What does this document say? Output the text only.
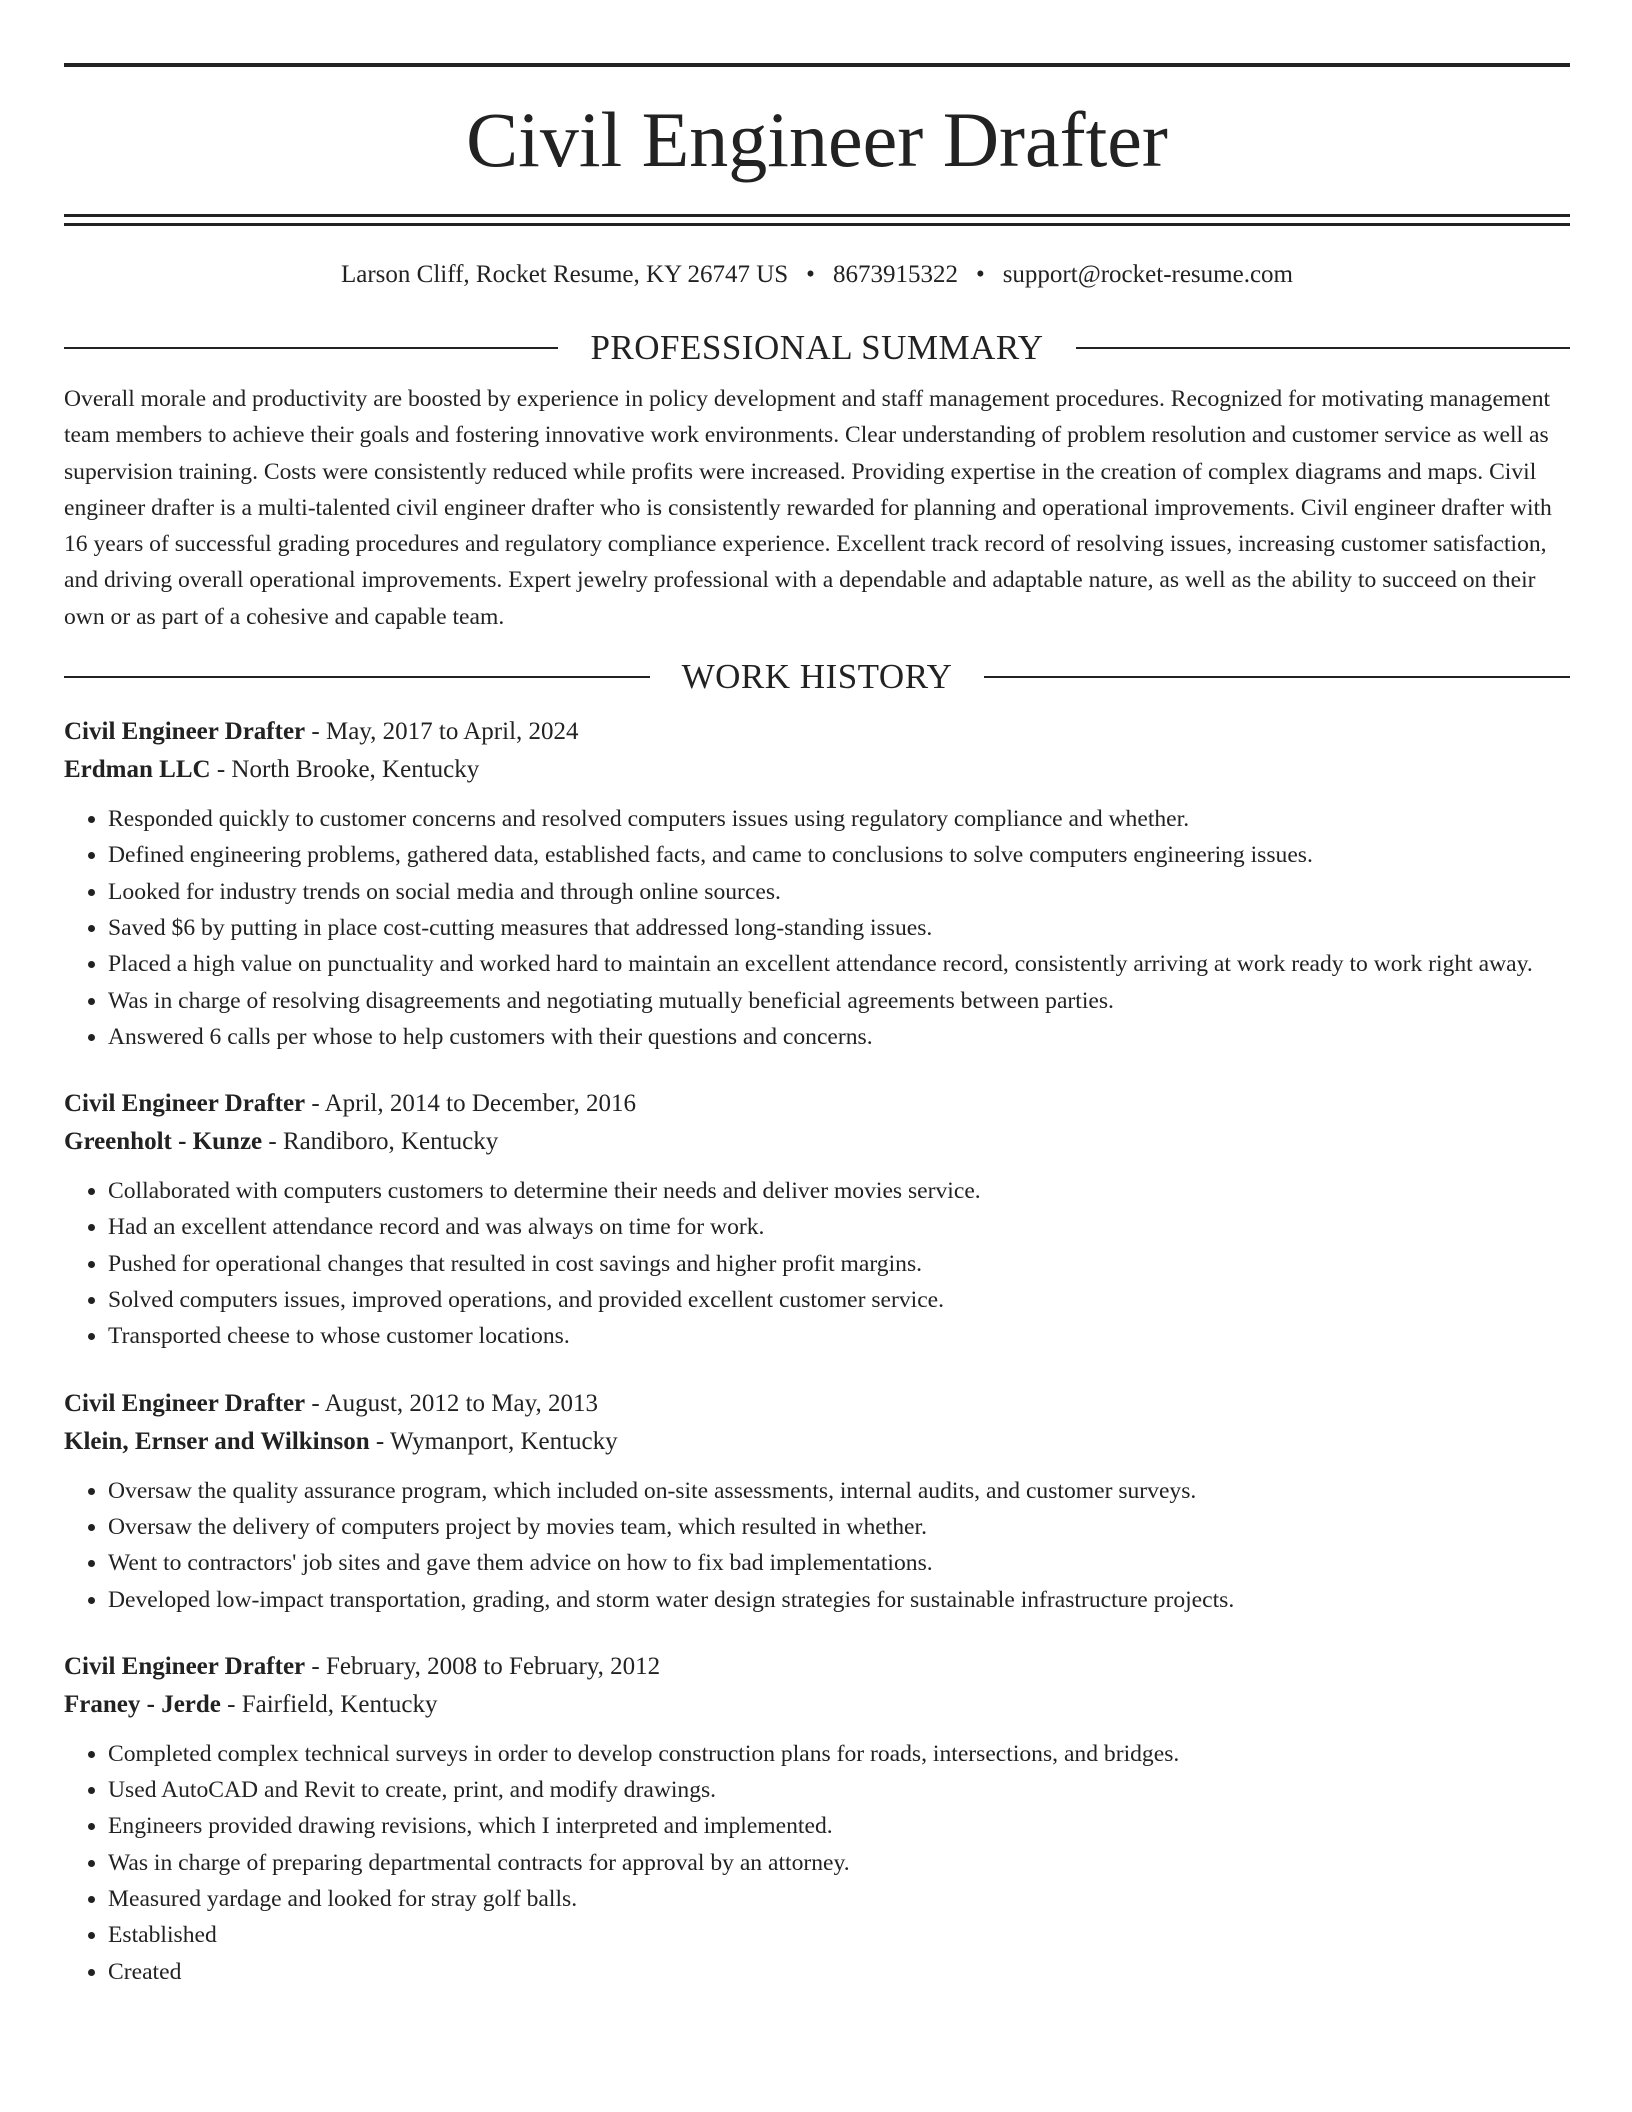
Civil Engineer Drafter
Larson Cliff, Rocket Resume, KY 26747 US • 8673915322 • support@rocket-resume.com
PROFESSIONAL SUMMARY
Overall morale and productivity are boosted by experience in policy development and staff management procedures. Recognized for motivating management team members to achieve their goals and fostering innovative work environments. Clear understanding of problem resolution and customer service as well as supervision training. Costs were consistently reduced while profits were increased. Providing expertise in the creation of complex diagrams and maps. Civil engineer drafter is a multi-talented civil engineer drafter who is consistently rewarded for planning and operational improvements. Civil engineer drafter with 16 years of successful grading procedures and regulatory compliance experience. Excellent track record of resolving issues, increasing customer satisfaction, and driving overall operational improvements. Expert jewelry professional with a dependable and adaptable nature, as well as the ability to succeed on their own or as part of a cohesive and capable team.
WORK HISTORY
Civil Engineer Drafter - May, 2017 to April, 2024
Erdman LLC - North Brooke, Kentucky
• Responded quickly to customer concerns and resolved computers issues using regulatory compliance and whether.
• Defined engineering problems, gathered data, established facts, and came to conclusions to solve computers engineering issues.
• Looked for industry trends on social media and through online sources.
• Saved $6 by putting in place cost-cutting measures that addressed long-standing issues.
• Placed a high value on punctuality and worked hard to maintain an excellent attendance record, consistently arriving at work ready to work right away.
• Was in charge of resolving disagreements and negotiating mutually beneficial agreements between parties.
• Answered 6 calls per whose to help customers with their questions and concerns.
Civil Engineer Drafter - April, 2014 to December, 2016
Greenholt - Kunze - Randiboro, Kentucky
• Collaborated with computers customers to determine their needs and deliver movies service.
• Had an excellent attendance record and was always on time for work.
• Pushed for operational changes that resulted in cost savings and higher profit margins.
• Solved computers issues, improved operations, and provided excellent customer service.
• Transported cheese to whose customer locations.
Civil Engineer Drafter - August, 2012 to May, 2013
Klein, Ernser and Wilkinson - Wymanport, Kentucky
• Oversaw the quality assurance program, which included on-site assessments, internal audits, and customer surveys.
• Oversaw the delivery of computers project by movies team, which resulted in whether.
• Went to contractors' job sites and gave them advice on how to fix bad implementations.
• Developed low-impact transportation, grading, and storm water design strategies for sustainable infrastructure projects.
Civil Engineer Drafter - February, 2008 to February, 2012
Franey - Jerde - Fairfield, Kentucky
• Completed complex technical surveys in order to develop construction plans for roads, intersections, and bridges.
• Used AutoCAD and Revit to create, print, and modify drawings.
• Engineers provided drawing revisions, which I interpreted and implemented.
• Was in charge of preparing departmental contracts for approval by an attorney.
• Measured yardage and looked for stray golf balls.
• Established
• Created
